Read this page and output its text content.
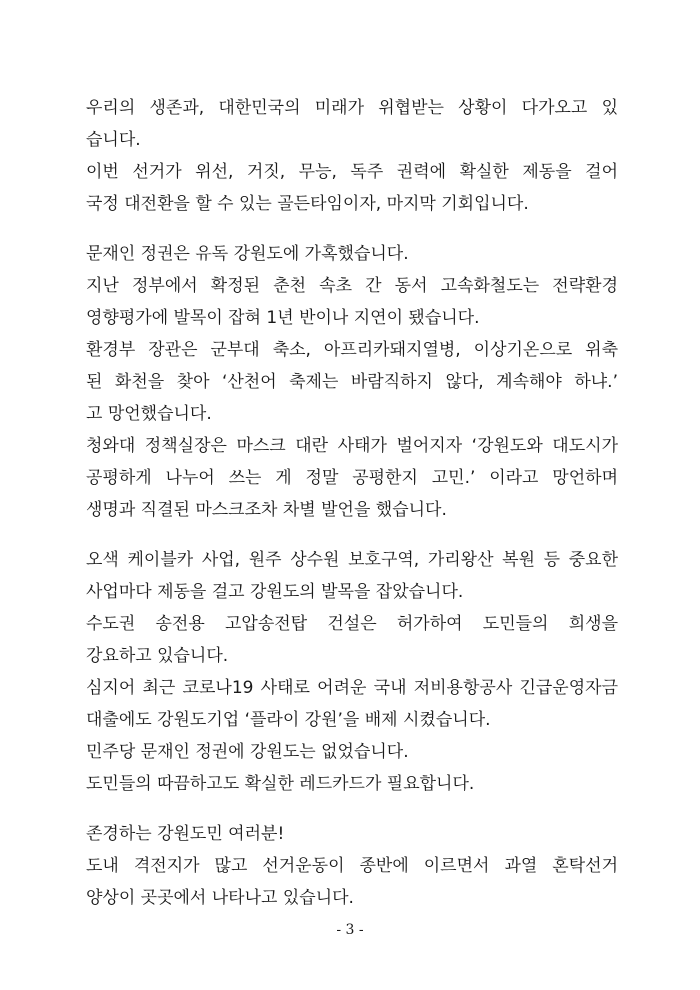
우리의 생존과, 대한민국의 미래가 위협받는 상황이 다가오고 있
습니다.
이번 선거가 위선, 거짓, 무능, 독주 권력에 확실한 제동을 걸어
국정 대전환을 할 수 있는 골든타임이자, 마지막 기회입니다.
문재인 정권은 유독 강원도에 가혹했습니다.
지난 정부에서 확정된 춘천 속초 간 동서 고속화철도는 전략환경
영향평가에 발목이 잡혀 1년 반이나 지연이 됐습니다.
환경부 장관은 군부대 축소, 아프리카돼지열병, 이상기온으로 위축
된 화천을 찾아 ‘산천어 축제는 바람직하지 않다, 계속해야 하냐.’
고 망언했습니다.
청와대 정책실장은 마스크 대란 사태가 벌어지자 ‘강원도와 대도시가
공평하게 나누어 쓰는 게 정말 공평한지 고민.’ 이라고 망언하며
생명과 직결된 마스크조차 차별 발언을 했습니다.
오색 케이블카 사업, 원주 상수원 보호구역, 가리왕산 복원 등 중요한
사업마다 제동을 걸고 강원도의 발목을 잡았습니다.
수도권 송전용 고압송전탑 건설은 허가하여 도민들의 희생을
강요하고 있습니다.
심지어 최근 코로나19 사태로 어려운 국내 저비용항공사 긴급운영자금
대출에도 강원도기업 ‘플라이 강원’을 배제 시켰습니다.
민주당 문재인 정권에 강원도는 없었습니다.
도민들의 따끔하고도 확실한 레드카드가 필요합니다.
존경하는 강원도민 여러분!
도내 격전지가 많고 선거운동이 종반에 이르면서 과열 혼탁선거
양상이 곳곳에서 나타나고 있습니다.
- 3 -
